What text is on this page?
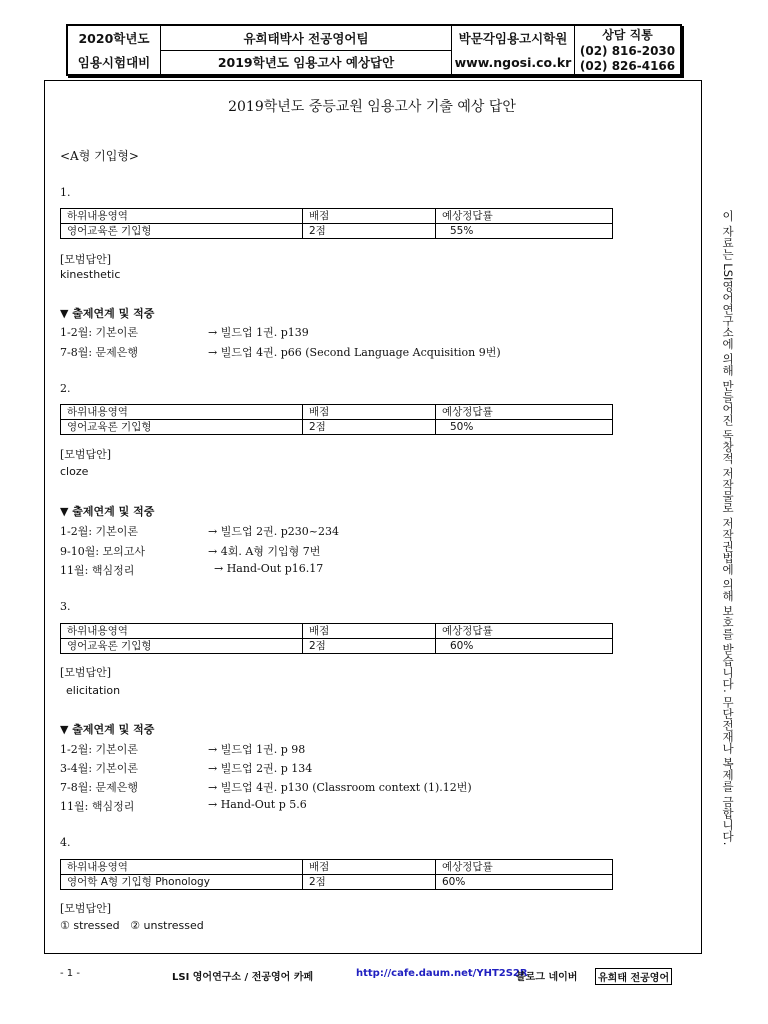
2020학년도
임용시험대비
유희태박사 전공영어팀
2019학년도 임용고사 예상답안
박문각임용고시학원
www.ngosi.co.kr
상담 직통
(02) 816-2030
(02) 826-4166
2019학년도 중등교원 임용고사 기출 예상 답안
<A형 기입형>
1.
하위내용영역	배점	예상정답률
영어교육론 기입형	2점	55%
[모범답안]
kinesthetic
▼ 출제연계 및 적중
1-2월: 기본이론	→ 빌드업 1권. p139
7-8월: 문제은행	→ 빌드업 4권. p66 (Second Language Acquisition 9번)
2.
하위내용영역	배점	예상정답률
영어교육론 기입형	2점	50%
[모범답안]
cloze
▼ 출제연계 및 적중
1-2월: 기본이론	→ 빌드업 2권. p230~234
9-10월: 모의고사	→ 4회. A형 기입형 7번
11월: 핵심정리	→ Hand-Out p16.17
3.
하위내용영역	배점	예상정답률
영어교육론 기입형	2점	60%
[모범답안]
elicitation
▼ 출제연계 및 적중
1-2월: 기본이론	→ 빌드업 1권. p 98
3-4월: 기본이론	→ 빌드업 2권. p 134
7-8월: 문제은행	→ 빌드업 4권. p130 (Classroom context (1).12번)
11월: 핵심정리	→ Hand-Out p 5.6
4.
하위내용영역	배점	예상정답률
영어학 A형 기입형 Phonology	2점	60%
[모범답안]
① stressed   ② unstressed
이 자료는 LSI영어연구소에 의해 만들어진 독창적 저작물로 저작권법에 의해 보호를 받습니다. 무단전재나 복제를 금합니다.
- 1 -	LSI 영어연구소 / 전공영어 카페	http://cafe.daum.net/YHT2S2R
블로그 네이버	유희태 전공영어
